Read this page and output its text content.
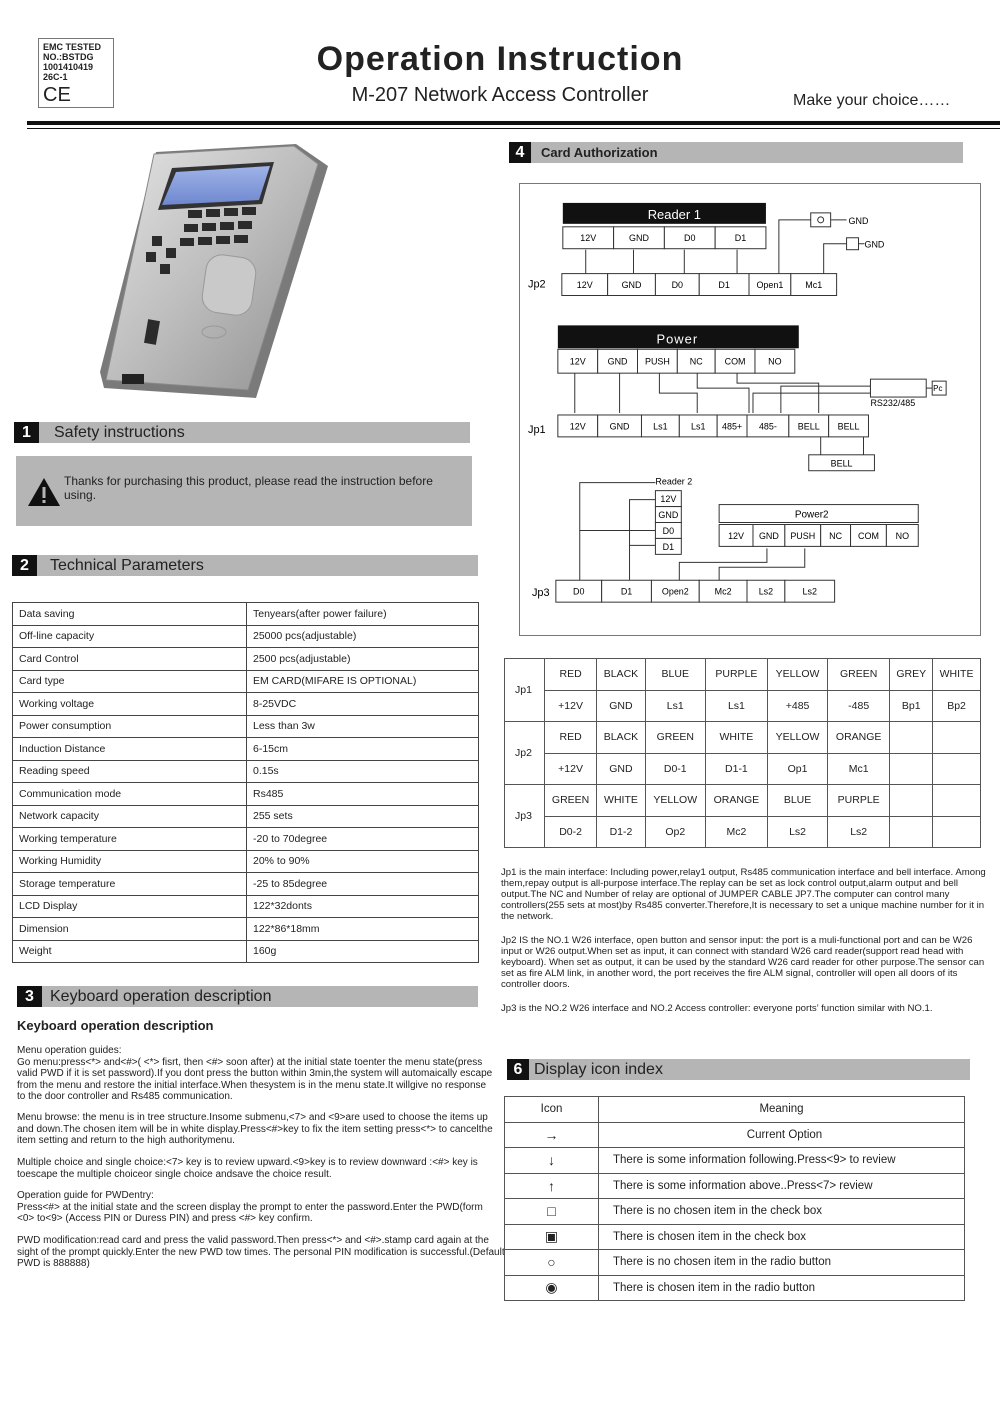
EMC TESTED
NO.:BSTDG
1001410419
26C-1
CE
Operation Instruction
M-207 Network Access Controller	Make your choice……
1	Safety instructions
Thanks for purchasing this product, please read the instruction before using.
2	Technical Parameters
Data saving	Tenyears(after power failure)
Off-line capacity	25000 pcs(adjustable)
Card Control	2500 pcs(adjustable)
Card type	EM CARD(MIFARE IS OPTIONAL)
Working voltage	8-25VDC
Power consumption	Less than 3w
Induction Distance	6-15cm
Reading speed	0.15s
Communication mode	Rs485
Network capacity	255 sets
Working temperature	-20 to 70degree
Working Humidity	20% to 90%
Storage temperature	-25 to 85degree
LCD Display	122*32donts
Dimension	122*86*18mm
Weight	160g
3	Keyboard operation description
Keyboard operation description
Menu operation guides:
Go menu:press<*> and<#>( <*> fisrt, then <#> soon after) at the initial state toenter the menu state(press valid PWD if it is set password).If you dont press the button within 3min,the system will automaically escape from the menu and restore the initial interface.When thesystem is in the menu state.It willgive no response to the door controller and Rs485 communication.
Menu browse: the menu is in tree structure.Insome submenu,<7> and <9>are used to choose the items up and down.The chosen item will be in white display.Press<#>key to fix the item setting press<*> to cancelthe item setting and return to the high authoritymenu.
Multiple choice and single choice:<7> key is to review upward.<9>key is to review downward :<#> key is toescape the multiple choiceor single choice andsave the choice result.
Operation guide for PWDentry:
Press<#> at the initial state and the screen display the prompt to enter the password.Enter the PWD(form <0> to<9> (Access PIN or Duress PIN) and press <#> key confirm.
PWD modification:read card and press the valid password.Then press<*> and <#>.stamp card again at the sight of the prompt quickly.Enter the new PWD tow times. The personal PIN modification is successful.(Default PWD is 888888)
4	Card Authorization
GND
GND
Pc
RS232/485
Reader 1
12V	GND	D0	D1
Jp2	12V	GND	D0	D1	Open1 Mc1
Power
12V GND PUSH NC COM	NO
Jp1	12V	GND	Ls1	Ls1 485+ 485- BELL BELL
BELL
Reader 2
12V
GND
D0
D1
Power2
12V GND PUSH NC COM NO
Jp3	D0	D1	Open2	Mc2	Ls2	Ls2
Jp1	RED	BLACK	BLUE	PURPLE	YELLOW	GREEN	GREY	WHITE
	+12V	GND	Ls1	Ls1	+485	-485	Bp1	Bp2
Jp2	RED	BLACK	GREEN	WHITE	YELLOW	ORANGE		
	+12V	GND	D0-1	D1-1	Op1	Mc1		
Jp3	GREEN	WHITE	YELLOW	ORANGE	BLUE	PURPLE		
	D0-2	D1-2	Op2	Mc2	Ls2	Ls2		
Jp1 is the main interface: Including power,relay1 output, Rs485 communication interface and bell interface. Among them,repay output is all-purpose interface.The replay can be set as lock control output,alarm output and bell output.The NC and Number of relay are optional of JUMPER CABLE JP7.The computer can control many controllers(255 sets at most)by Rs485 converter.Therefore,It is necessary to set a unique machine number for it in the network.
Jp2 IS the NO.1 W26 interface, open button and sensor input: the port is a muli-functional port and can be W26 input or W26 output.When set as input, it can connect with standard W26 card reader(support read head with keyboard). When set as output, it can be used by the standard W26 card reader for other purpose.The sensor can set as fire ALM link, in another word, the port receives the fire ALM signal, controller will open all doors of its controller doors.
Jp3 is the NO.2 W26 interface and NO.2 Access controller: everyone ports’ function similar with NO.1.
6 Display icon index
Icon	Meaning
→	Current Option
↓	There is some information following.Press<9> to review
↑	There is some information above..Press<7> review
□	There is no chosen item in the check box
▣	There is chosen item in the check box
○	There is no chosen item in the radio button
◉	There is chosen item in the radio button
